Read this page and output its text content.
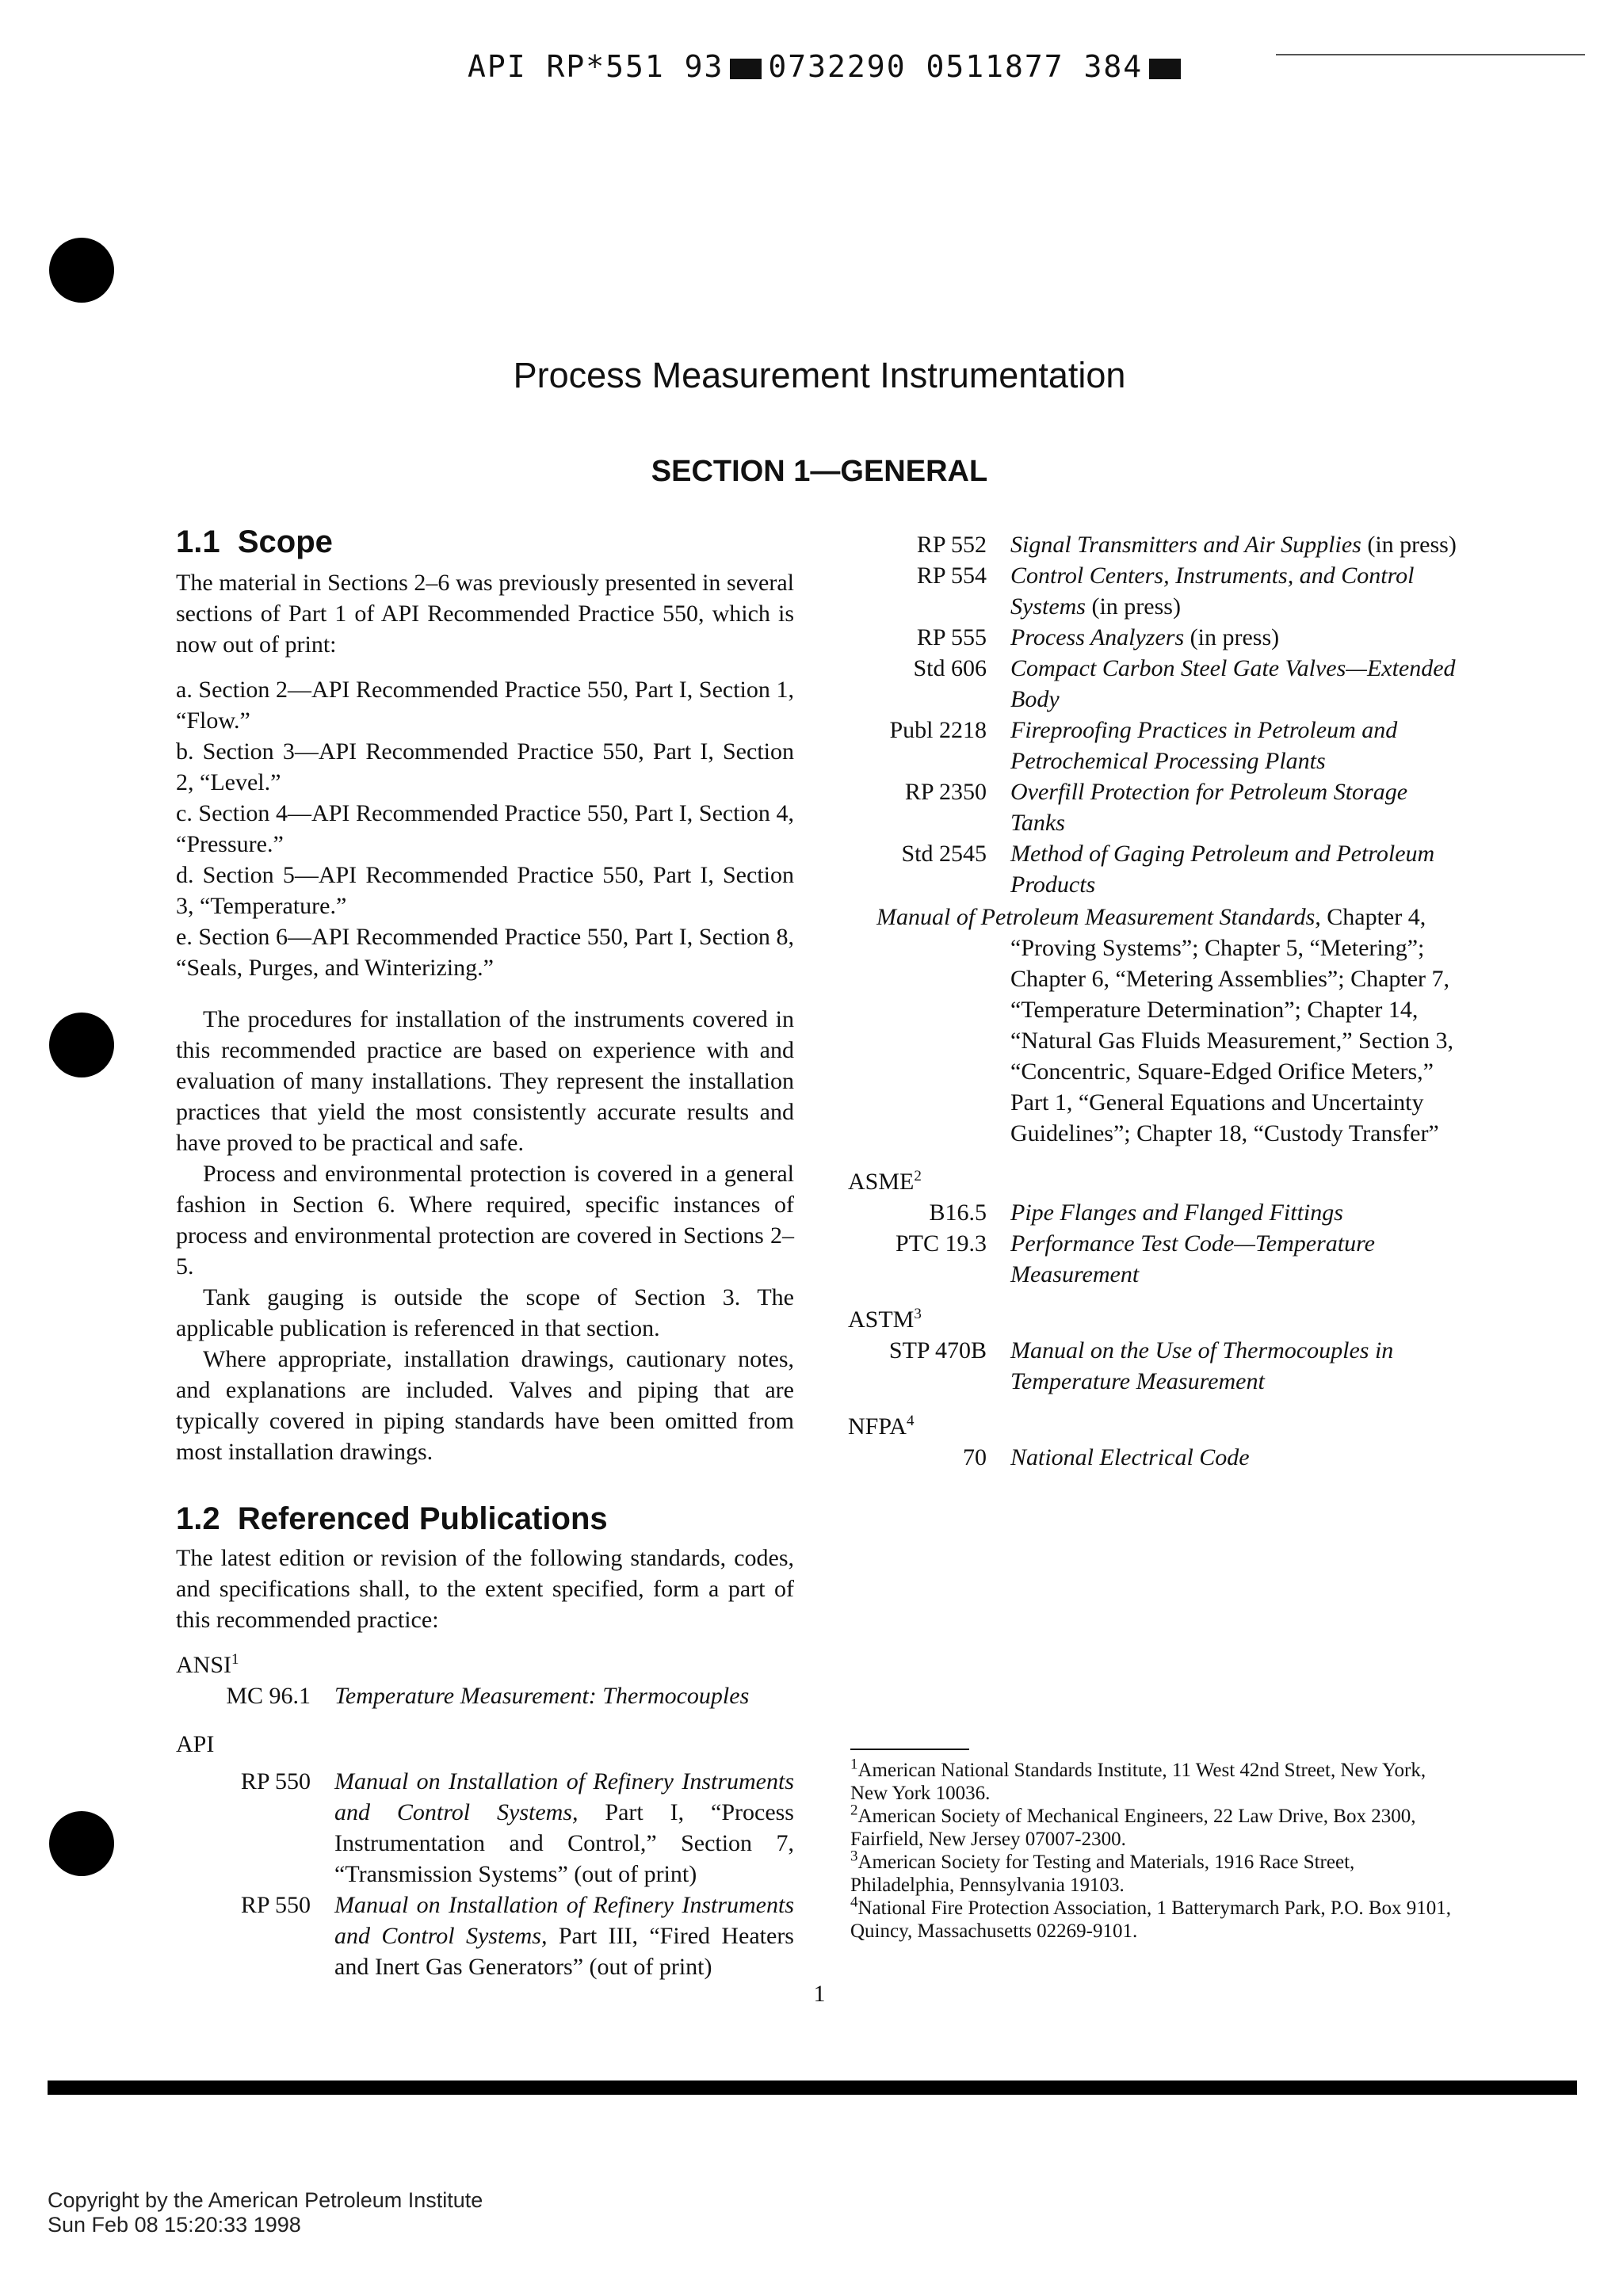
API RP*551 93 0732290 0511877 384
Process Measurement Instrumentation
SECTION 1—GENERAL
1.1 Scope

The material in Sections 2–6 was previously presented in several sections of Part 1 of API Recommended Practice 550, which is now out of print:

a. Section 2—API Recommended Practice 550, Part I, Section 1, “Flow.”

b. Section 3—API Recommended Practice 550, Part I, Section 2, “Level.”

c. Section 4—API Recommended Practice 550, Part I, Section 4, “Pressure.”

d. Section 5—API Recommended Practice 550, Part I, Section 3, “Temperature.”

e. Section 6—API Recommended Practice 550, Part I, Section 8, “Seals, Purges, and Winterizing.”

The procedures for installation of the instruments covered in this recommended practice are based on experience with and evaluation of many installations. They represent the installation practices that yield the most consistently accurate results and have proved to be practical and safe.

Process and environmental protection is covered in a general fashion in Section 6. Where required, specific instances of process and environmental protection are covered in Sections 2–5.

Tank gauging is outside the scope of Section 3. The applicable publication is referenced in that section.

Where appropriate, installation drawings, cautionary notes, and explanations are included. Valves and piping that are typically covered in piping standards have been omitted from most installation drawings.

1.2 Referenced Publications

The latest edition or revision of the following standards, codes, and specifications shall, to the extent specified, form a part of this recommended practice:

ANSI$^1$
MC 96.1	Temperature Measurement: Thermocouples
API
RP 550	Manual on Installation of Refinery Instruments and Control Systems, Part I, “Process Instrumentation and Control,” Section 7, “Transmission Systems” (out of print)
RP 550	Manual on Installation of Refinery Instruments and Control Systems, Part III, “Fired Heaters and Inert Gas Generators” (out of print)

RP 552	Signal Transmitters and Air Supplies (in press)
RP 554	Control Centers, Instruments, and Control Systems (in press)
RP 555	Process Analyzers (in press)
Std 606	Compact Carbon Steel Gate Valves—Extended Body
Publ 2218	Fireproofing Practices in Petroleum and Petrochemical Processing Plants
RP 2350	Overfill Protection for Petroleum Storage Tanks
Std 2545	Method of Gaging Petroleum and Petroleum Products
Manual of Petroleum Measurement Standards, Chapter 4, “Proving Systems”; Chapter 5, “Metering”; Chapter 6, “Metering Assemblies”; Chapter 7, “Temperature Determination”; Chapter 14, “Natural Gas Fluids Measurement,” Section 3, “Concentric, Square-Edged Orifice Meters,” Part 1, “General Equations and Uncertainty Guidelines”; Chapter 18, “Custody Transfer”
ASME$^2$
B16.5	Pipe Flanges and Flanged Fittings
PTC 19.3	Performance Test Code—Temperature Measurement
ASTM$^3$
STP 470B	Manual on the Use of Thermocouples in Temperature Measurement
NFPA$^4$
70	National Electrical Code
$^1$American National Standards Institute, 11 West 42nd Street, New York, New York 10036.
$^2$American Society of Mechanical Engineers, 22 Law Drive, Box 2300, Fairfield, New Jersey 07007-2300.
$^3$American Society for Testing and Materials, 1916 Race Street, Philadelphia, Pennsylvania 19103.
$^4$National Fire Protection Association, 1 Batterymarch Park, P.O. Box 9101, Quincy, Massachusetts 02269-9101.
1
Copyright by the American Petroleum Institute
Sun Feb 08 15:20:33 1998
